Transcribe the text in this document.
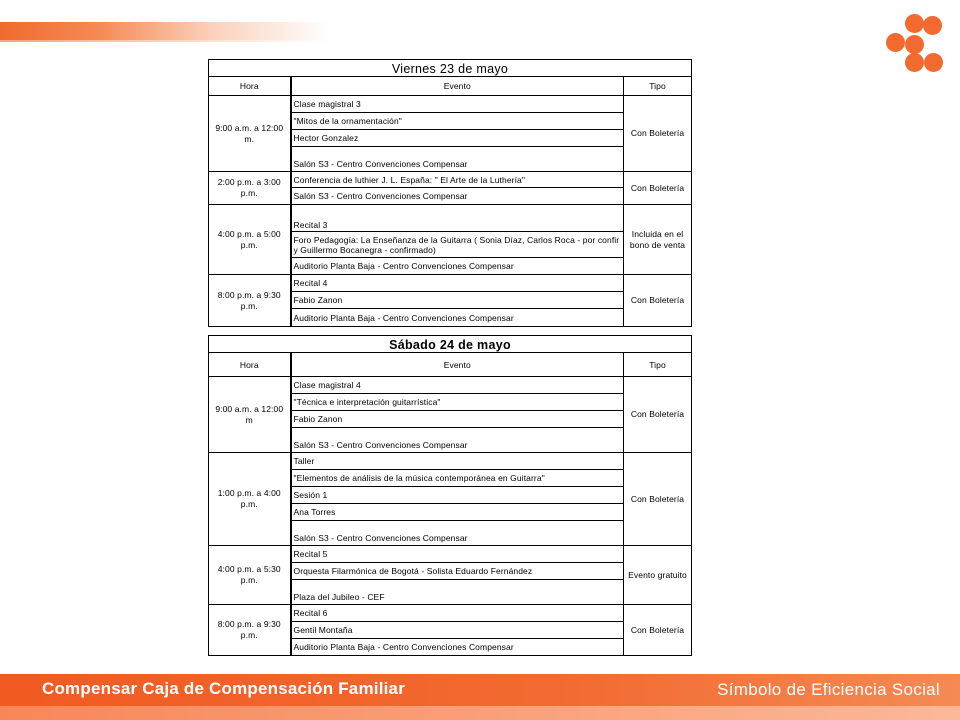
Viernes 23 de mayo		
Hora	Evento	Tipo
9:00 a.m. a 12:00 m.	Clase magistral 3	Con Boletería
	"Mitos de la ornamentación"	
	Hector Gonzalez	
	Salón S3 - Centro Convenciones Compensar	
2:00 p.m. a 3:00 p.m.	Conferencia de luthier J. L. España: " El Arte de la Luthería"	Con Boletería
	Salón S3 - Centro Convenciones Compensar	
4:00 p.m. a 5:00 p.m.	Recital 3	Incluida en el bono de venta
	Foro Pedagogía: La Enseñanza de la Guitarra ( Sonia Díaz, Carlos Roca - por confir y Guillermo Bocanegra - confirmado)	
	Auditorio Planta Baja - Centro Convenciones Compensar	
8:00 p.m. a 9:30 p.m.	Recital 4	Con Boletería
	Fabio Zanon	
	Auditorio Planta Baja - Centro Convenciones Compensar	
Sábado 24 de mayo		
Hora	Evento	Tipo
9:00 a.m. a 12:00 m	Clase magistral 4	Con Boletería
	"Técnica e interpretación guitarrística"	
	Fabio Zanon	
	Salón S3 - Centro Convenciones Compensar	
1:00 p.m. a 4:00 p.m.	Taller	Con Boletería
	"Elementos de análisis de la música contemporánea en Guitarra"	
	Sesión 1	
	Ana Torres	
	Salón S3 - Centro Convenciones Compensar	
4:00 p.m. a 5:30 p.m.	Recital 5	Evento gratuito
	Orquesta Filarmónica de Bogotá - Solista Eduardo Fernández	
	Plaza del Jubileo - CEF	
8:00 p.m. a 9:30 p.m.	Recital 6	Con Boletería
	Gentil Montaña	
	Auditorio Planta Baja - Centro Convenciones Compensar	
Compensar Caja de Compensación Familiar	Símbolo de Eficiencia Social
